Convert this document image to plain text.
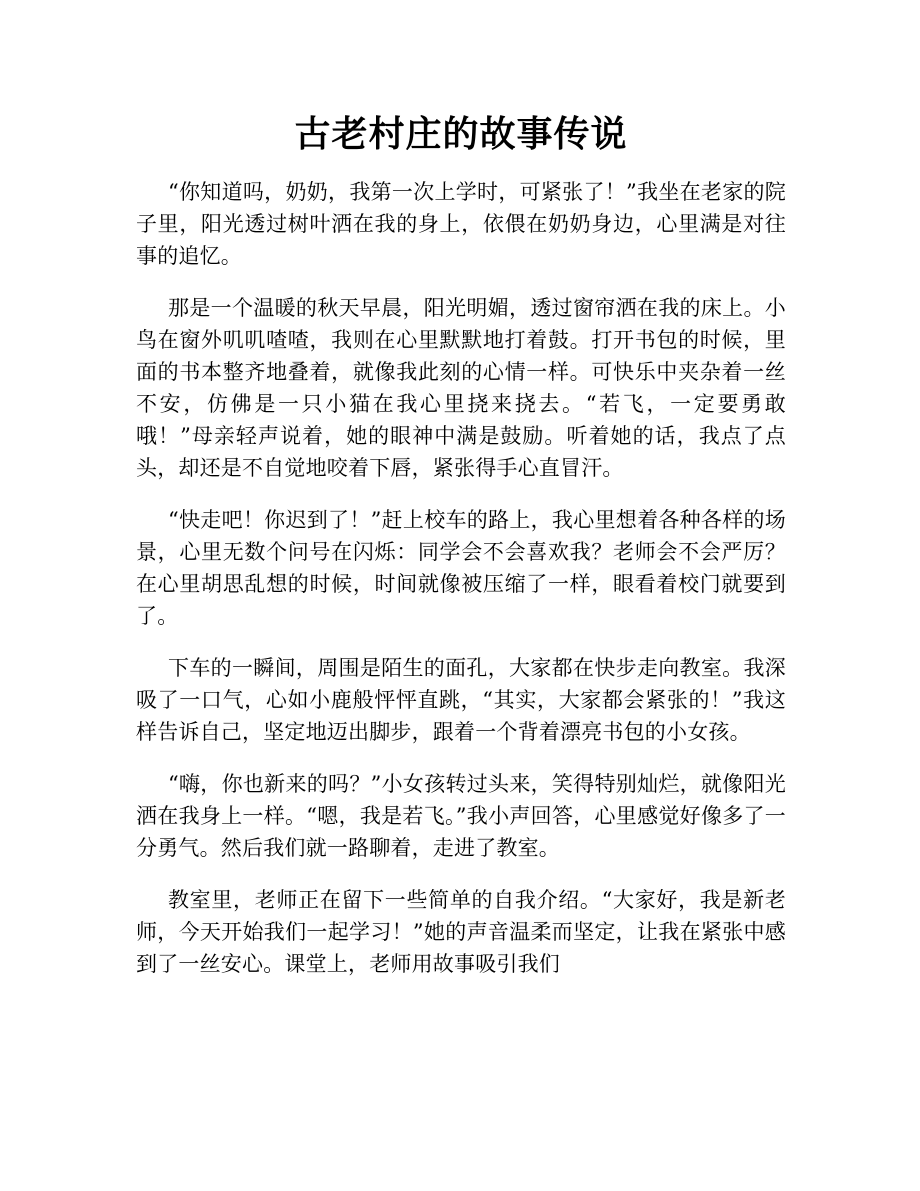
古老村庄的故事传说

“你知道吗，奶奶，我第一次上学时，可紧张了！”我坐在老家的院子里，阳光透过树叶洒在我的身上，依偎在奶奶身边，心里满是对往事的追忆。

那是一个温暖的秋天早晨，阳光明媚，透过窗帘洒在我的床上。小鸟在窗外叽叽喳喳，我则在心里默默地打着鼓。打开书包的时候，里面的书本整齐地叠着，就像我此刻的心情一样。可快乐中夹杂着一丝不安，仿佛是一只小猫在我心里挠来挠去。“若飞，一定要勇敢哦！”母亲轻声说着，她的眼神中满是鼓励。听着她的话，我点了点头，却还是不自觉地咬着下唇，紧张得手心直冒汗。

“快走吧！你迟到了！”赶上校车的路上，我心里想着各种各样的场景，心里无数个问号在闪烁：同学会不会喜欢我？老师会不会严厉？在心里胡思乱想的时候，时间就像被压缩了一样，眼看着校门就要到了。

下车的一瞬间，周围是陌生的面孔，大家都在快步走向教室。我深吸了一口气，心如小鹿般怦怦直跳，“其实，大家都会紧张的！”我这样告诉自己，坚定地迈出脚步，跟着一个背着漂亮书包的小女孩。

“嗨，你也新来的吗？”小女孩转过头来，笑得特别灿烂，就像阳光洒在我身上一样。“嗯，我是若飞。”我小声回答，心里感觉好像多了一分勇气。然后我们就一路聊着，走进了教室。

教室里，老师正在留下一些简单的自我介绍。“大家好，我是新老师，今天开始我们一起学习！”她的声音温柔而坚定，让我在紧张中感到了一丝安心。课堂上，老师用故事吸引我们
